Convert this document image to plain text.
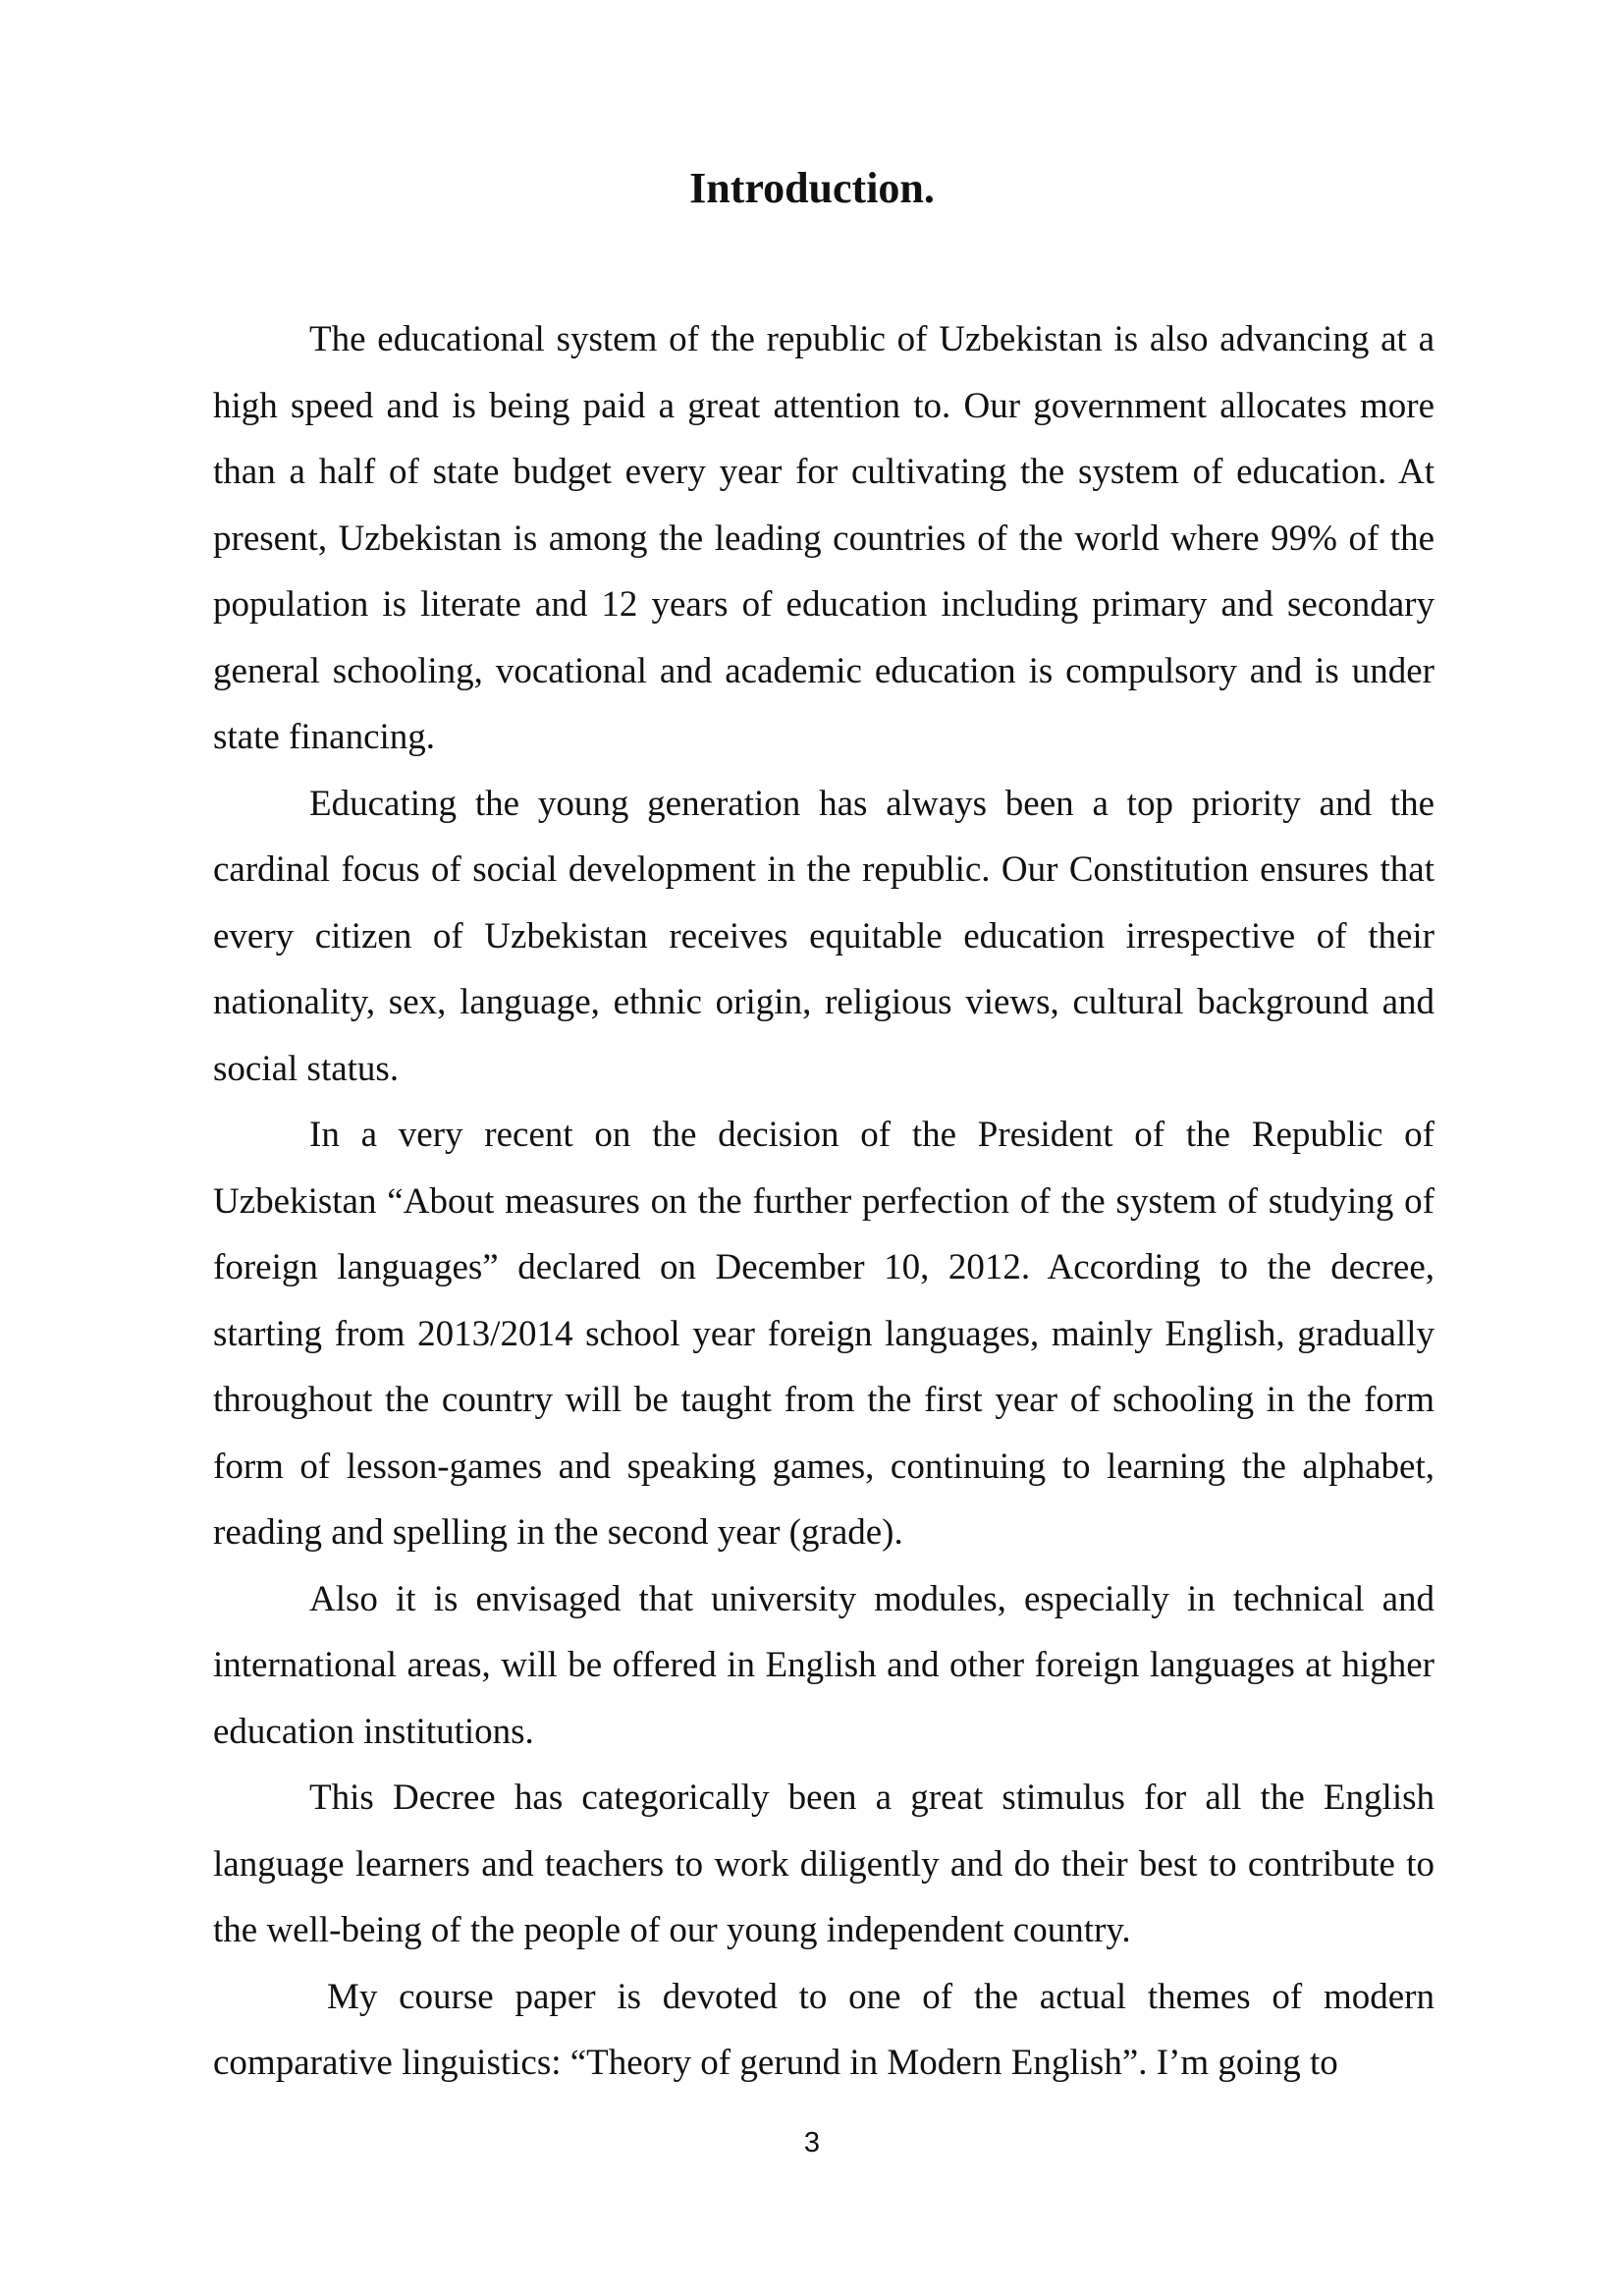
Introduction.

The educational system of the republic of Uzbekistan is also advancing at a high speed and is being paid a great attention to. Our government allocates more than a half of state budget every year for cultivating the system of education. At present, Uzbekistan is among the leading countries of the world where 99% of the population is literate and 12 years of education including primary and secondary general schooling, vocational and academic education is compulsory and is under state financing.

Educating the young generation has always been a top priority and the cardinal focus of social development in the republic. Our Constitution ensures that every citizen of Uzbekistan receives equitable education irrespective of their nationality, sex, language, ethnic origin, religious views, cultural background and social status.

In a very recent on the decision of the President of the Republic of Uzbekistan “About measures on the further perfection of the system of studying of foreign languages” declared on December 10, 2012. According to the decree, starting from 2013/2014 school year foreign languages, mainly English, gradually throughout the country will be taught from the first year of schooling in the form form of lesson-games and speaking games, continuing to learning the alphabet, reading and spelling in the second year (grade).

Also it is envisaged that university modules, especially in technical and international areas, will be offered in English and other foreign languages at higher education institutions.

This Decree has categorically been a great stimulus for all the English language learners and teachers to work diligently and do their best to contribute to the well-being of the people of our young independent country.

My course paper is devoted to one of the actual themes of modern comparative linguistics: “Theory of gerund in Modern English”. I’m going to

3
